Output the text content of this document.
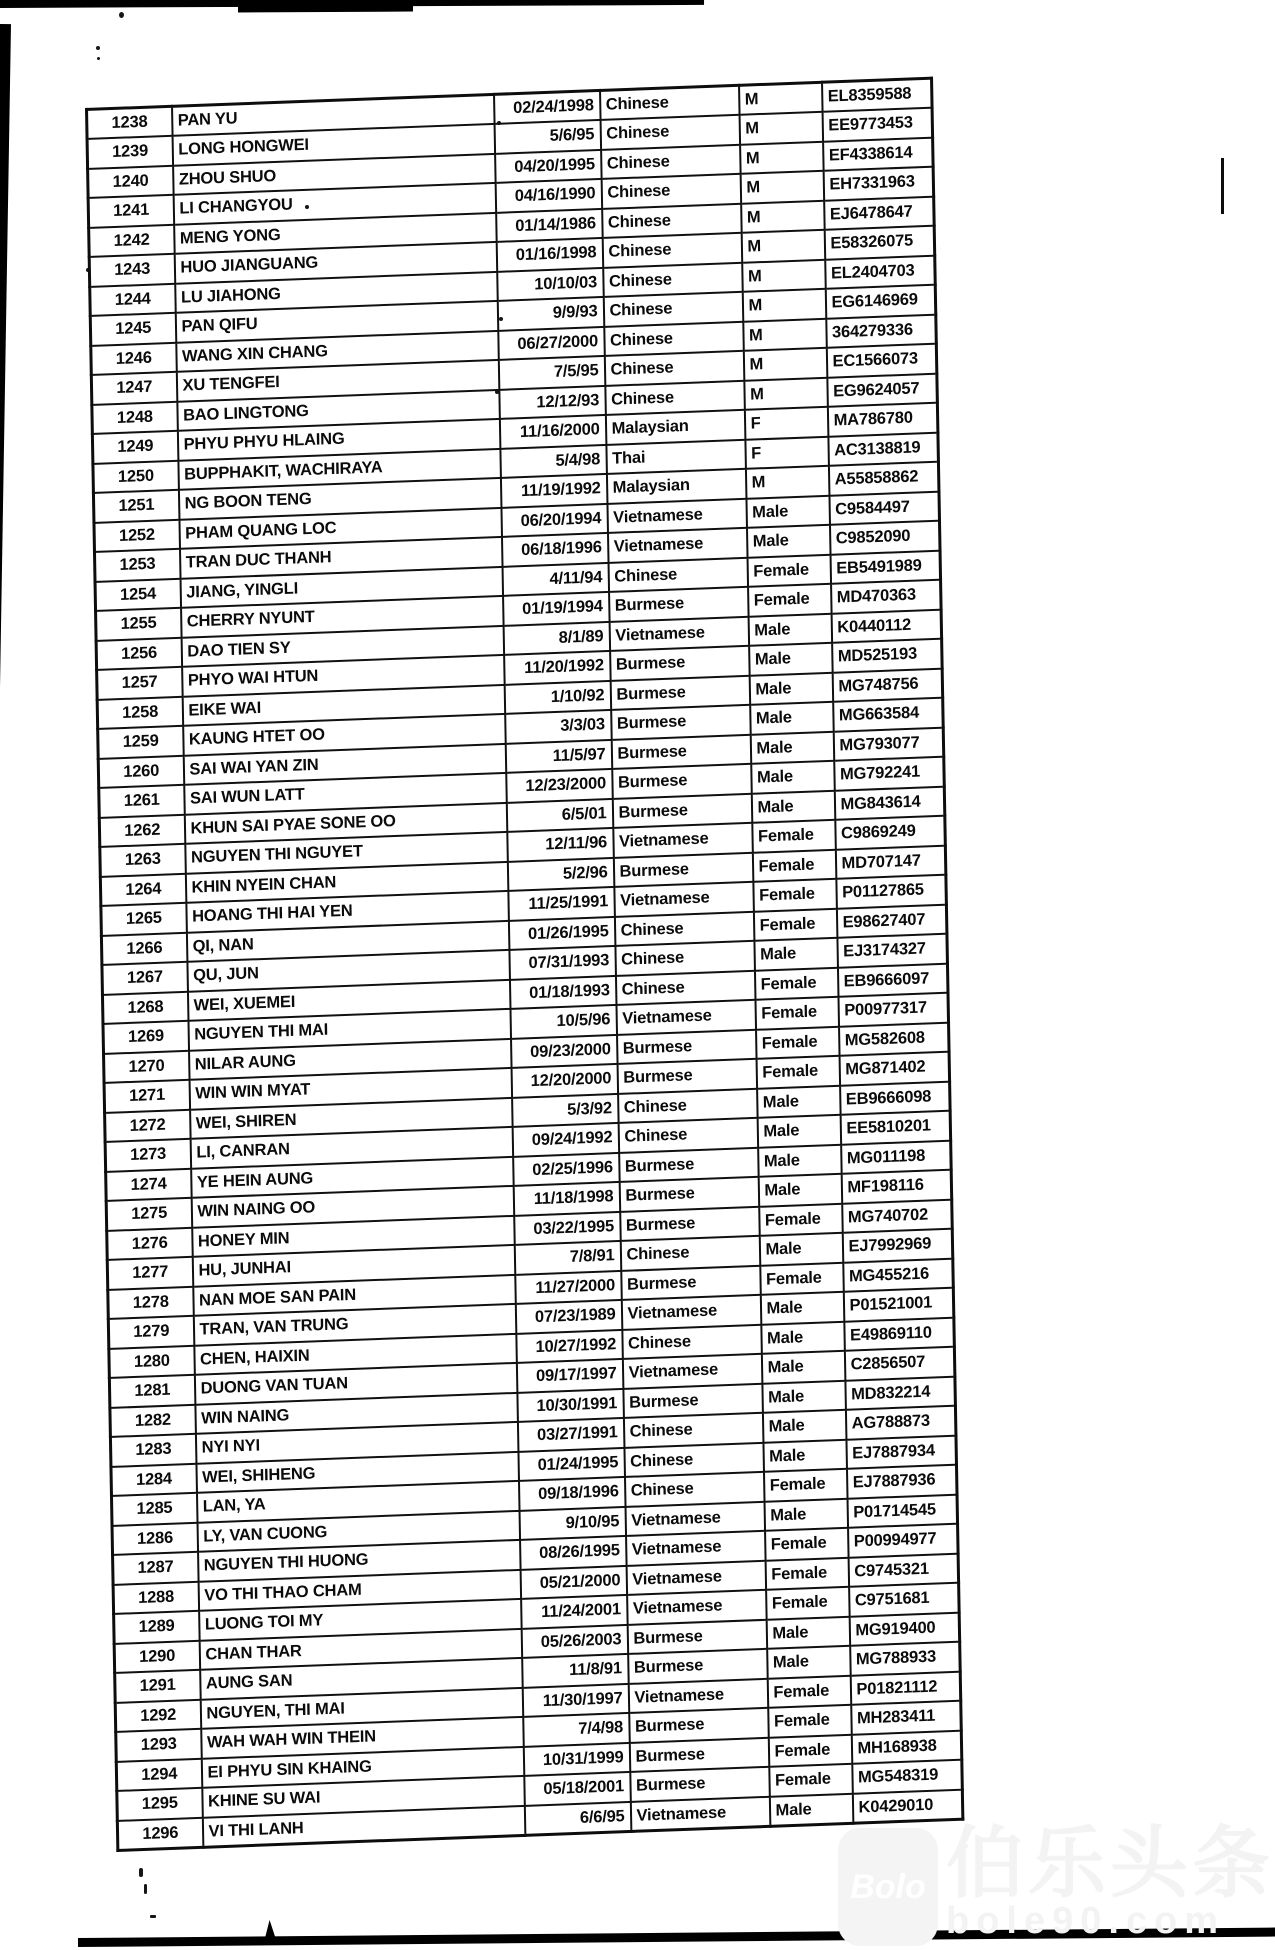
1238	PAN YU	02/24/1998	Chinese	M	EL8359588
1239	LONG HONGWEI	5/6/95	Chinese	M	EE9773453
1240	ZHOU SHUO	04/20/1995	Chinese	M	EF4338614
1241	LI CHANGYOU	04/16/1990	Chinese	M	EH7331963
1242	MENG YONG	01/14/1986	Chinese	M	EJ6478647
1243	HUO JIANGUANG	01/16/1998	Chinese	M	E58326075
1244	LU JIAHONG	10/10/03	Chinese	M	EL2404703
1245	PAN QIFU	9/9/93	Chinese	M	EG6146969
1246	WANG XIN CHANG	06/27/2000	Chinese	M	364279336
1247	XU TENGFEI	7/5/95	Chinese	M	EC1566073
1248	BAO LINGTONG	12/12/93	Chinese	M	EG9624057
1249	PHYU PHYU HLAING	11/16/2000	Malaysian	F	MA786780
1250	BUPPHAKIT, WACHIRAYA	5/4/98	Thai	F	AC3138819
1251	NG BOON TENG	11/19/1992	Malaysian	M	A55858862
1252	PHAM QUANG LOC	06/20/1994	Vietnamese	Male	C9584497
1253	TRAN DUC THANH	06/18/1996	Vietnamese	Male	C9852090
1254	JIANG, YINGLI	4/11/94	Chinese	Female	EB5491989
1255	CHERRY NYUNT	01/19/1994	Burmese	Female	MD470363
1256	DAO TIEN SY	8/1/89	Vietnamese	Male	K0440112
1257	PHYO WAI HTUN	11/20/1992	Burmese	Male	MD525193
1258	EIKE WAI	1/10/92	Burmese	Male	MG748756
1259	KAUNG HTET OO	3/3/03	Burmese	Male	MG663584
1260	SAI WAI YAN ZIN	11/5/97	Burmese	Male	MG793077
1261	SAI WUN LATT	12/23/2000	Burmese	Male	MG792241
1262	KHUN SAI PYAE SONE OO	6/5/01	Burmese	Male	MG843614
1263	NGUYEN THI NGUYET	12/11/96	Vietnamese	Female	C9869249
1264	KHIN NYEIN CHAN	5/2/96	Burmese	Female	MD707147
1265	HOANG THI HAI YEN	11/25/1991	Vietnamese	Female	P01127865
1266	QI, NAN	01/26/1995	Chinese	Female	E98627407
1267	QU, JUN	07/31/1993	Chinese	Male	EJ3174327
1268	WEI, XUEMEI	01/18/1993	Chinese	Female	EB9666097
1269	NGUYEN THI MAI	10/5/96	Vietnamese	Female	P00977317
1270	NILAR AUNG	09/23/2000	Burmese	Female	MG582608
1271	WIN WIN MYAT	12/20/2000	Burmese	Female	MG871402
1272	WEI, SHIREN	5/3/92	Chinese	Male	EB9666098
1273	LI, CANRAN	09/24/1992	Chinese	Male	EE5810201
1274	YE HEIN AUNG	02/25/1996	Burmese	Male	MG011198
1275	WIN NAING OO	11/18/1998	Burmese	Male	MF198116
1276	HONEY MIN	03/22/1995	Burmese	Female	MG740702
1277	HU, JUNHAI	7/8/91	Chinese	Male	EJ7992969
1278	NAN MOE SAN PAIN	11/27/2000	Burmese	Female	MG455216
1279	TRAN, VAN TRUNG	07/23/1989	Vietnamese	Male	P01521001
1280	CHEN, HAIXIN	10/27/1992	Chinese	Male	E49869110
1281	DUONG VAN TUAN	09/17/1997	Vietnamese	Male	C2856507
1282	WIN NAING	10/30/1991	Burmese	Male	MD832214
1283	NYI NYI	03/27/1991	Chinese	Male	AG788873
1284	WEI, SHIHENG	01/24/1995	Chinese	Male	EJ7887934
1285	LAN, YA	09/18/1996	Chinese	Female	EJ7887936
1286	LY, VAN CUONG	9/10/95	Vietnamese	Male	P01714545
1287	NGUYEN THI HUONG	08/26/1995	Vietnamese	Female	P00994977
1288	VO THI THAO CHAM	05/21/2000	Vietnamese	Female	C9745321
1289	LUONG TOI MY	11/24/2001	Vietnamese	Female	C9751681
1290	CHAN THAR	05/26/2003	Burmese	Male	MG919400
1291	AUNG SAN	11/8/91	Burmese	Male	MG788933
1292	NGUYEN, THI MAI	11/30/1997	Vietnamese	Female	P01821112
1293	WAH WAH WIN THEIN	7/4/98	Burmese	Female	MH283411
1294	EI PHYU SIN KHAING	10/31/1999	Burmese	Female	MH168938
1295	KHINE SU WAI	05/18/2001	Burmese	Female	MG548319
1296	VI THI LANH	6/6/95	Vietnamese	Male	K0429010
Bolo 伯乐头条
bole90.com
